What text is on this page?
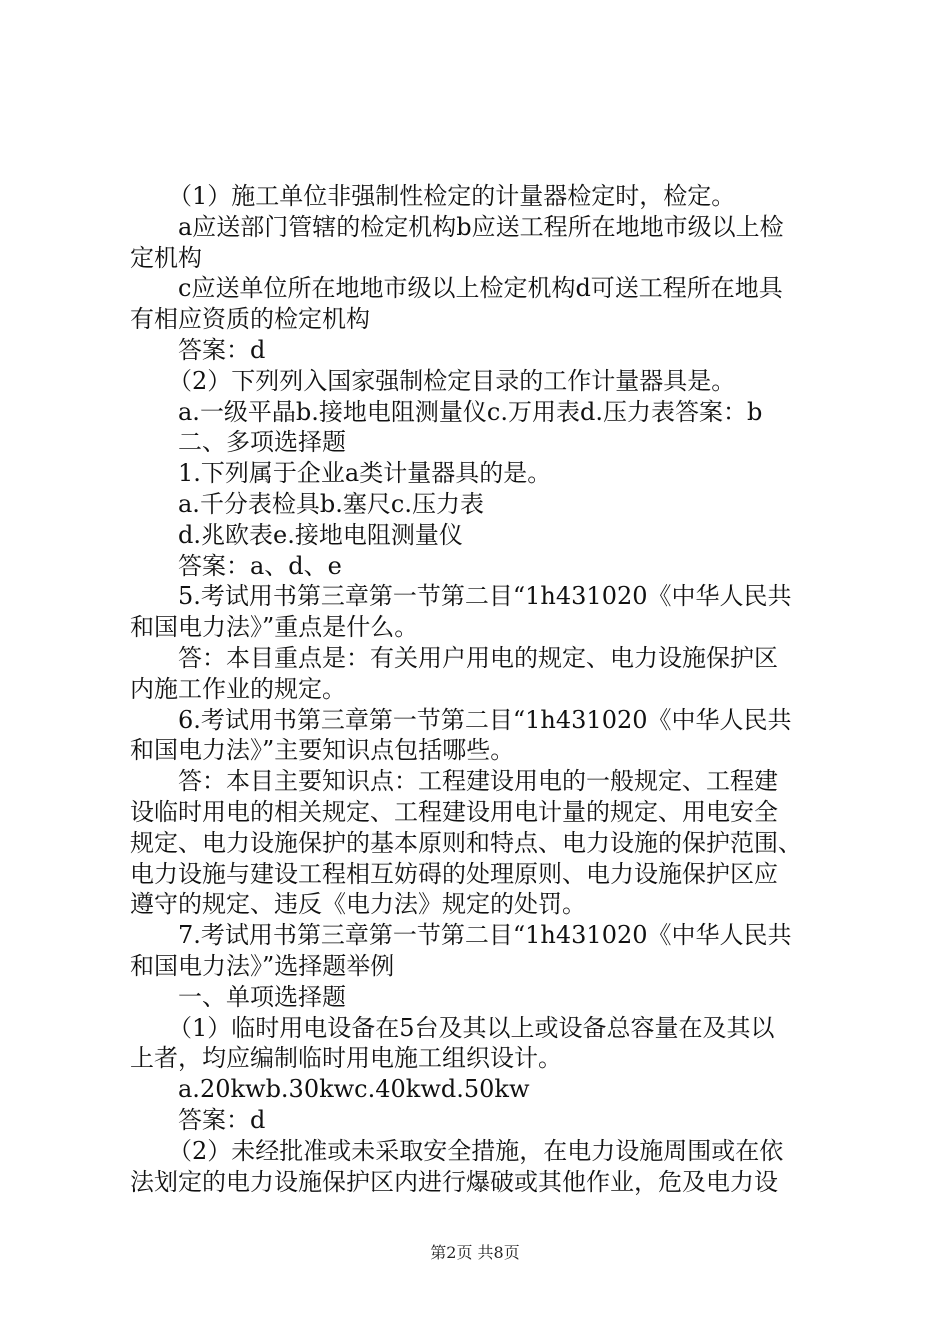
（1）施工单位非强制性检定的计量器检定时，检定。
a应送部门管辖的检定机构b应送工程所在地地市级以上检
定机构
c应送单位所在地地市级以上检定机构d可送工程所在地具
有相应资质的检定机构
答案：d
（2）下列列入国家强制检定目录的工作计量器具是。
a.一级平晶b.接地电阻测量仪c.万用表d.压力表答案：b
二、多项选择题
1.下列属于企业a类计量器具的是。
a.千分表检具b.塞尺c.压力表
d.兆欧表e.接地电阻测量仪
答案：a、d、e
5.考试用书第三章第一节第二目“1h431020《中华人民共
和国电力法》”重点是什么。
答：本目重点是：有关用户用电的规定、电力设施保护区
内施工作业的规定。
6.考试用书第三章第一节第二目“1h431020《中华人民共
和国电力法》”主要知识点包括哪些。
答：本目主要知识点：工程建设用电的一般规定、工程建
设临时用电的相关规定、工程建设用电计量的规定、用电安全
规定、电力设施保护的基本原则和特点、电力设施的保护范围、
电力设施与建设工程相互妨碍的处理原则、电力设施保护区应
遵守的规定、违反《电力法》规定的处罚。
7.考试用书第三章第一节第二目“1h431020《中华人民共
和国电力法》”选择题举例
一、单项选择题
（1）临时用电设备在5台及其以上或设备总容量在及其以
上者，均应编制临时用电施工组织设计。
a.20kwb.30kwc.40kwd.50kw
答案：d
（2）未经批准或未采取安全措施，在电力设施周围或在依
法划定的电力设施保护区内进行爆破或其他作业，危及电力设
第2页 共8页
